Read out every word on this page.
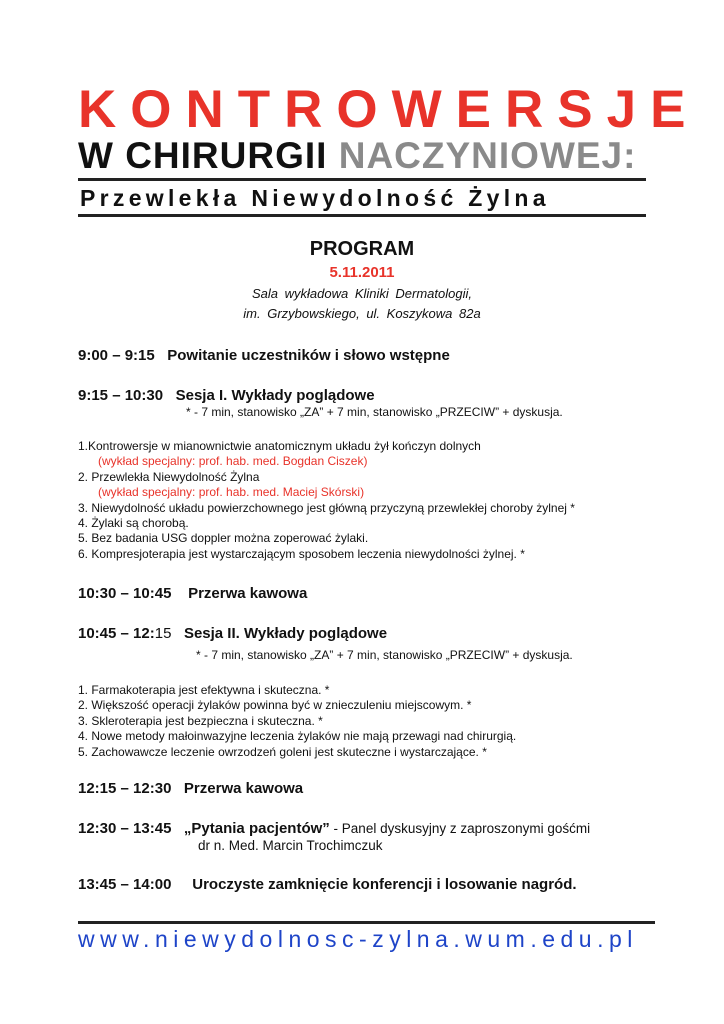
KONTROWERSJE
W CHIRURGII NACZYNIOWEJ:
Przewlekła Niewydolność Żylna
PROGRAM
5.11.2011
Sala wykładowa Kliniki Dermatologii,
im. Grzybowskiego, ul. Koszykowa 82a
9:00 – 9:15 Powitanie uczestników i słowo wstępne
9:15 – 10:30 Sesja I. Wykłady poglądowe
* - 7 min, stanowisko „ZA” + 7 min, stanowisko „PRZECIW” + dyskusja.
1.Kontrowersje w mianownictwie anatomicznym układu żył kończyn dolnych
(wykład specjalny: prof. hab. med. Bogdan Ciszek)
2. Przewlekła Niewydolność Żylna
(wykład specjalny: prof. hab. med. Maciej Skórski)
3. Niewydolność układu powierzchownego jest główną przyczyną przewlekłej choroby żylnej *
4. Żylaki są chorobą.
5. Bez badania USG doppler można zoperować żylaki.
6. Kompresjoterapia jest wystarczającym sposobem leczenia niewydolności żylnej. *
10:30 – 10:45 Przerwa kawowa
10:45 – 12:15 Sesja II. Wykłady poglądowe
* - 7 min, stanowisko „ZA” + 7 min, stanowisko „PRZECIW” + dyskusja.
1. Farmakoterapia jest efektywna i skuteczna. *
2. Większość operacji żylaków powinna być w znieczuleniu miejscowym. *
3. Skleroterapia jest bezpieczna i skuteczna. *
4. Nowe metody małoinwazyjne leczenia żylaków nie mają przewagi nad chirurgią.
5. Zachowawcze leczenie owrzodzeń goleni jest skuteczne i wystarczające. *
12:15 – 12:30 Przerwa kawowa
12:30 – 13:45 „Pytania pacjentów” - Panel dyskusyjny z zaproszonymi gośćmi
dr n. Med. Marcin Trochimczuk
13:45 – 14:00 Uroczyste zamknięcie konferencji i losowanie nagród.
www.niewydolnosc-zylna.wum.edu.pl
